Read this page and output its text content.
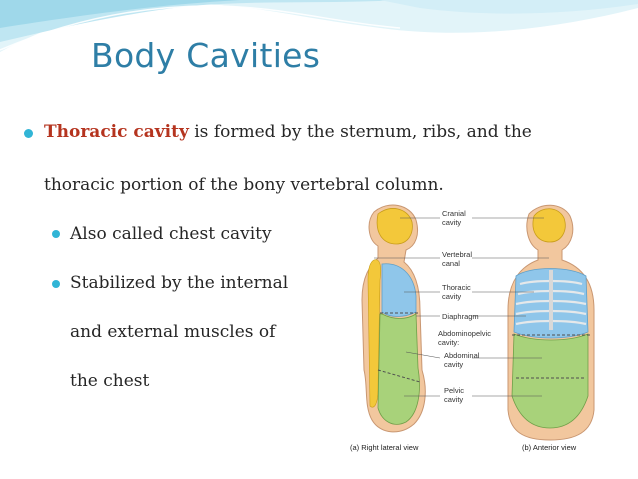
Body Cavities
Thoracic cavity is formed by the sternum, ribs, and the
thoracic portion of the bony vertebral column.
Also called chest cavity
Stabilized by the internal
and external muscles of
the chest
Cranial cavity
Vertebral canal
Thoracic cavity
Diaphragm
Abdominopelvic cavity:
Abdominal cavity
Pelvic cavity
(a) Right lateral view	(b) Anterior view
